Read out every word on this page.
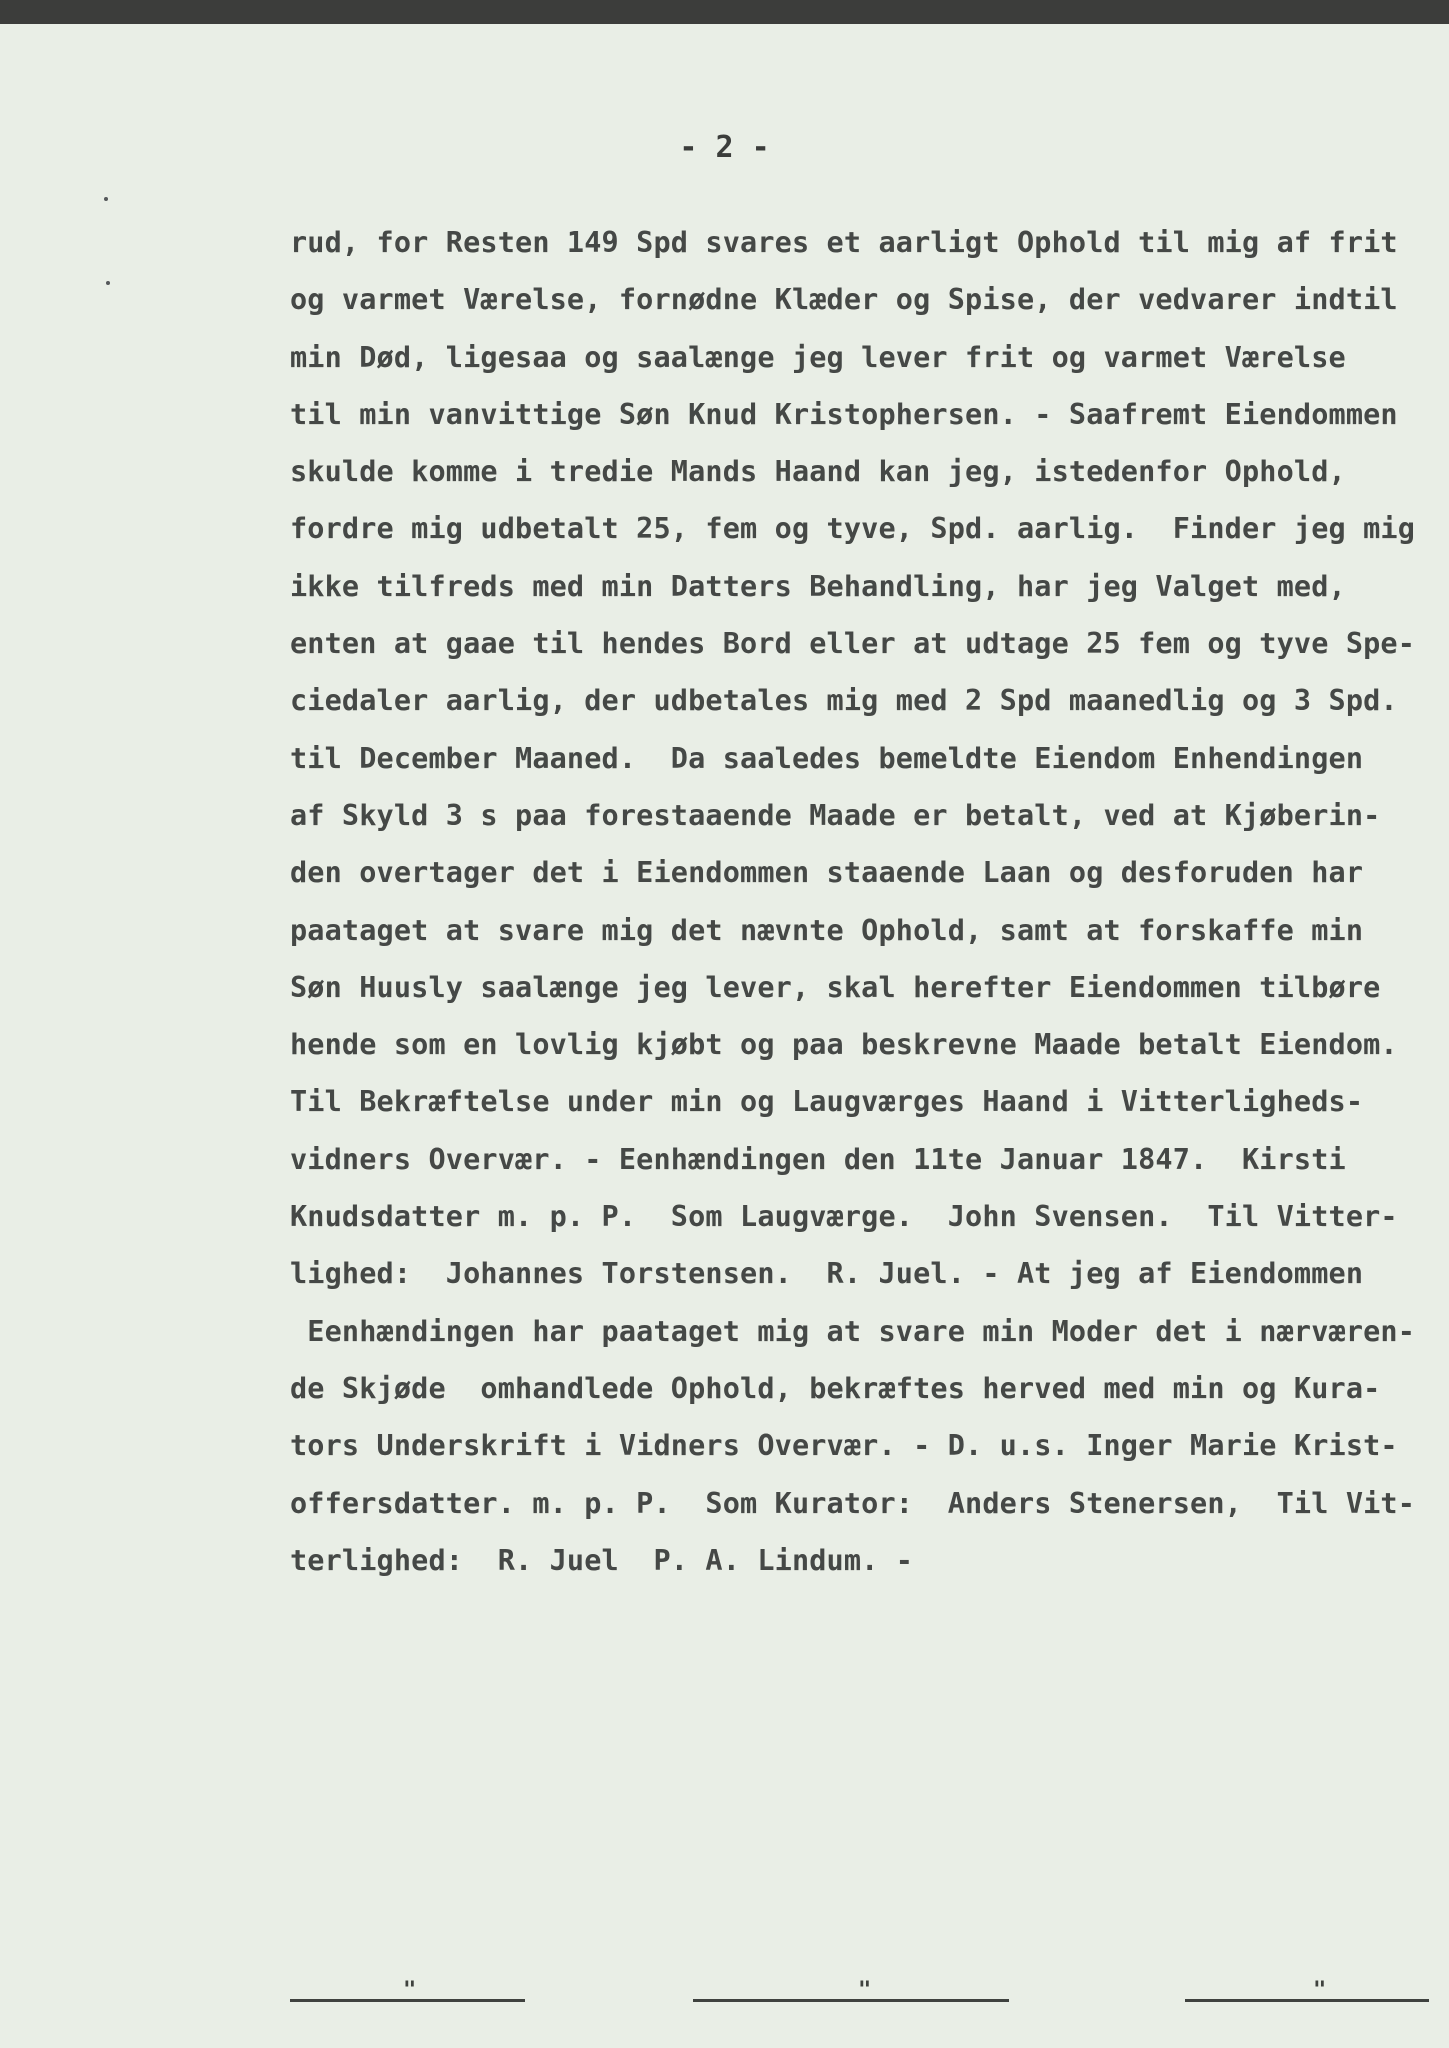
- 2 -
rud, for Resten 149 Spd svares et aarligt Ophold til mig af frit
og varmet Værelse, fornødne Klæder og Spise, der vedvarer indtil
min Død, ligesaa og saalænge jeg lever frit og varmet Værelse
til min vanvittige Søn Knud Kristophersen. - Saafremt Eiendommen
skulde komme i tredie Mands Haand kan jeg, istedenfor Ophold,
fordre mig udbetalt 25, fem og tyve, Spd. aarlig.  Finder jeg mig
ikke tilfreds med min Datters Behandling, har jeg Valget med,
enten at gaae til hendes Bord eller at udtage 25 fem og tyve Spe-
ciedaler aarlig, der udbetales mig med 2 Spd maanedlig og 3 Spd.
til December Maaned.  Da saaledes bemeldte Eiendom Enhendingen
af Skyld 3 s paa forestaaende Maade er betalt, ved at Kjøberin-
den overtager det i Eiendommen staaende Laan og desforuden har
paataget at svare mig det nævnte Ophold, samt at forskaffe min
Søn Huusly saalænge jeg lever, skal herefter Eiendommen tilbøre
hende som en lovlig kjøbt og paa beskrevne Maade betalt Eiendom.
Til Bekræftelse under min og Laugværges Haand i Vitterligheds-
vidners Overvær. - Eenhændingen den 11te Januar 1847.  Kirsti
Knudsdatter m. p. P.  Som Laugværge.  John Svensen.  Til Vitter-
lighed:  Johannes Torstensen.  R. Juel. - At jeg af Eiendommen
Eenhændingen har paataget mig at svare min Moder det i nærværen-
de Skjøde  omhandlede Ophold, bekræftes herved med min og Kura-
tors Underskrift i Vidners Overvær. - D. u.s. Inger Marie Krist-
offersdatter. m. p. P.  Som Kurator:  Anders Stenersen,  Til Vit-
terlighed:  R. Juel  P. A. Lindum. -
"	"	"
